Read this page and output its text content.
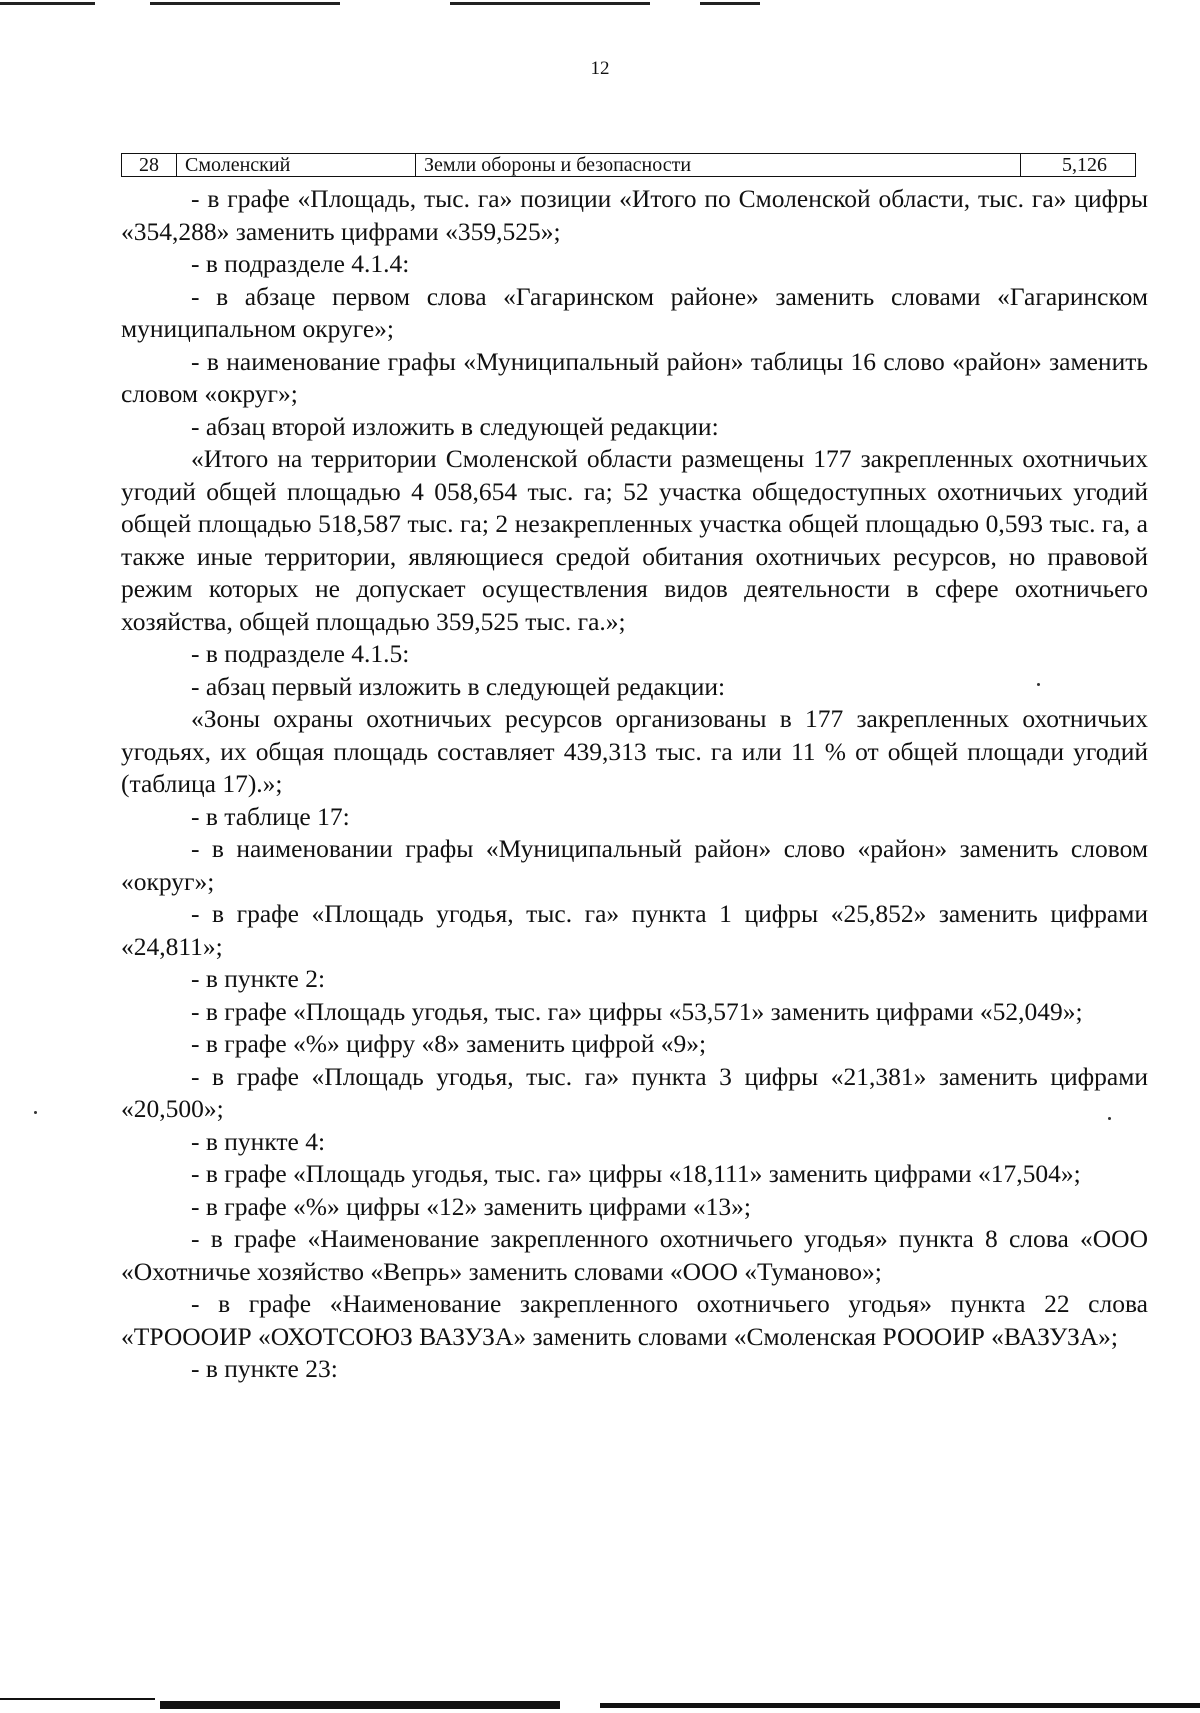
12
28	Смоленский	Земли обороны и безопасности	5,126

- в графе «Площадь, тыс. га» позиции «Итого по Смоленской области, тыс. га» цифры «354,288» заменить цифрами «359,525»;

- в подразделе 4.1.4:

- в абзаце первом слова «Гагаринском районе» заменить словами «Гагаринском муниципальном округе»;

- в наименование графы «Муниципальный район» таблицы 16 слово «район» заменить словом «округ»;

- абзац второй изложить в следующей редакции:

«Итого на территории Смоленской области размещены 177 закрепленных охотничьих угодий общей площадью 4 058,654 тыс. га; 52 участка общедоступных охотничьих угодий общей площадью 518,587 тыс. га; 2 незакрепленных участка общей площадью 0,593 тыс. га, а также иные территории, являющиеся средой обитания охотничьих ресурсов, но правовой режим которых не допускает осуществления видов деятельности в сфере охотничьего хозяйства, общей площадью 359,525 тыс. га.»;

- в подразделе 4.1.5:

- абзац первый изложить в следующей редакции:

«Зоны охраны охотничьих ресурсов организованы в 177 закрепленных охотничьих угодьях, их общая площадь составляет 439,313 тыс. га или 11 % от общей площади угодий (таблица 17).»;

- в таблице 17:

- в наименовании графы «Муниципальный район» слово «район» заменить словом «округ»;

- в графе «Площадь угодья, тыс. га» пункта 1 цифры «25,852» заменить цифрами «24,811»;

- в пункте 2:

- в графе «Площадь угодья, тыс. га» цифры «53,571» заменить цифрами «52,049»;

- в графе «%» цифру «8» заменить цифрой «9»;

- в графе «Площадь угодья, тыс. га» пункта 3 цифры «21,381» заменить цифрами «20,500»;

- в пункте 4:

- в графе «Площадь угодья, тыс. га» цифры «18,111» заменить цифрами «17,504»;

- в графе «%» цифры «12» заменить цифрами «13»;

- в графе «Наименование закрепленного охотничьего угодья» пункта 8 слова «ООО «Охотничье хозяйство «Вепрь» заменить словами «ООО «Туманово»;

- в графе «Наименование закрепленного охотничьего угодья» пункта 22 слова «ТРОООИР «ОХОТСОЮЗ ВАЗУЗА» заменить словами «Смоленская РОООИР «ВАЗУЗА»;

- в пункте 23:
